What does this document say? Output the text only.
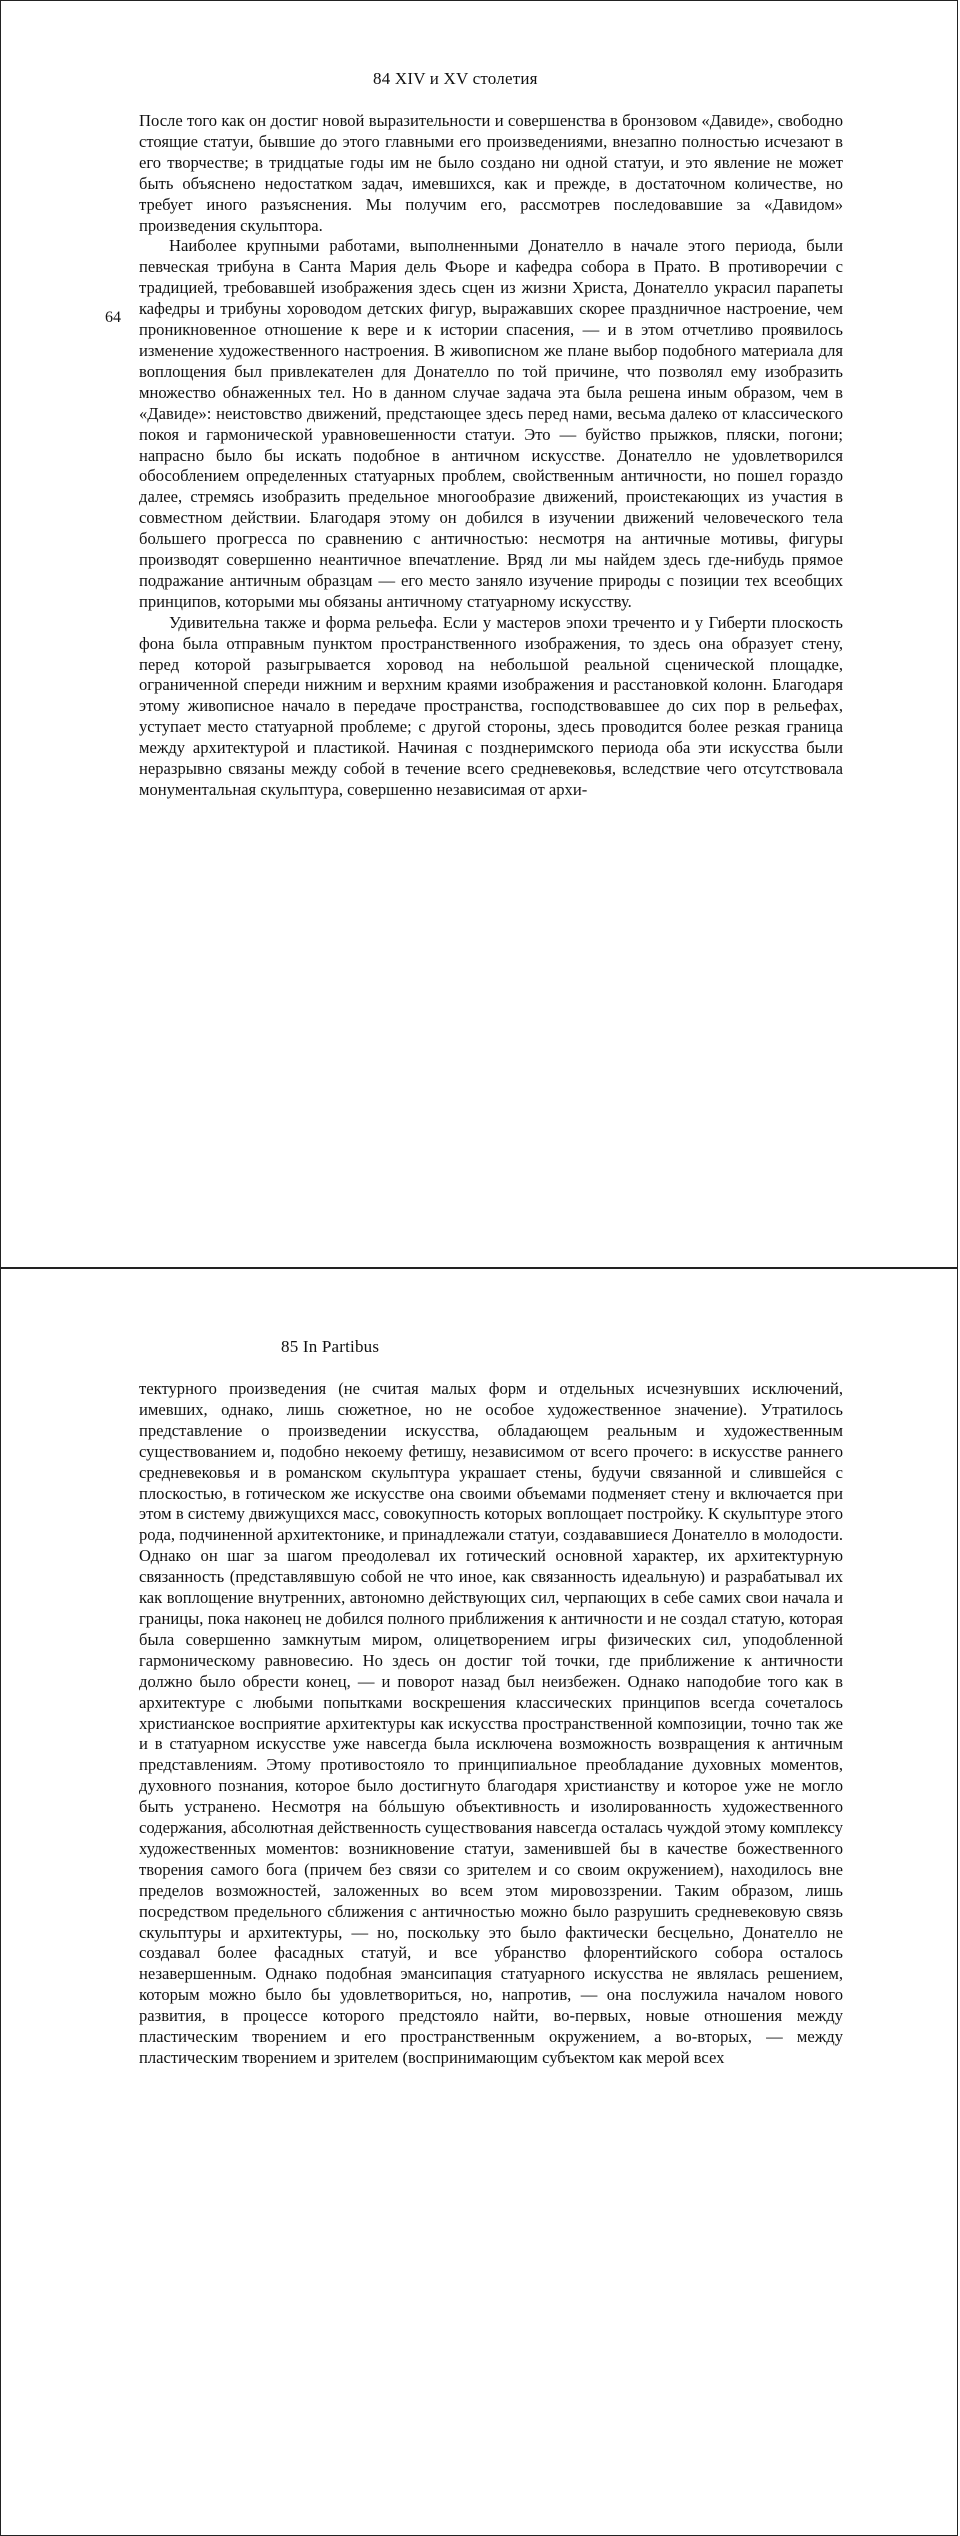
84 XIV и XV столетия
64

После того как он достиг новой выразительности и совершенства в бронзовом «Давиде», свободно стоящие статуи, бывшие до этого главными его произведениями, внезапно полностью исчезают в его творчестве; в тридцатые годы им не было создано ни одной статуи, и это явление не может быть объяснено недостатком задач, имевшихся, как и прежде, в достаточном количестве, но требует иного разъяснения. Мы получим его, рассмотрев последовавшие за «Давидом» произведения скульптора.

Наиболее крупными работами, выполненными Донателло в начале этого периода, были певческая трибуна в Санта Мария дель Фьоре и кафедра собора в Прато. В противоречии с традицией, требовавшей изображения здесь сцен из жизни Христа, Донателло украсил парапеты кафедры и трибуны хороводом детских фигур, выражавших скорее праздничное настроение, чем проникновенное отношение к вере и к истории спасения, — и в этом отчетливо проявилось изменение художественного настроения. В живописном же плане выбор подобного материала для воплощения был привлекателен для Донателло по той причине, что позволял ему изобразить множество обнаженных тел. Но в данном случае задача эта была решена иным образом, чем в «Давиде»: неистовство движений, предстающее здесь перед нами, весьма далеко от классического покоя и гармонической уравновешенности статуи. Это — буйство прыжков, пляски, погони; напрасно было бы искать подобное в античном искусстве. Донателло не удовлетворился обособлением определенных статуарных проблем, свойственным античности, но пошел гораздо далее, стремясь изобразить предельное многообразие движений, проистекающих из участия в совместном действии. Благодаря этому он добился в изучении движений человеческого тела большего прогресса по сравнению с античностью: несмотря на античные мотивы, фигуры производят совершенно неантичное впечатление. Вряд ли мы найдем здесь где-нибудь прямое подражание античным образцам — его место заняло изучение природы с позиции тех всеобщих принципов, которыми мы обязаны античному статуарному искусству.

Удивительна также и форма рельефа. Если у мастеров эпохи треченто и у Гиберти плоскость фона была отправным пунктом пространственного изображения, то здесь она образует стену, перед которой разыгрывается хоровод на небольшой реальной сценической площадке, ограниченной спереди нижним и верхним краями изображения и расстановкой колонн. Благодаря этому живописное начало в передаче пространства, господствовавшее до сих пор в рельефах, уступает место статуарной проблеме; с другой стороны, здесь проводится более резкая граница между архитектурой и пластикой. Начиная с позднеримского периода оба эти искусства были неразрывно связаны между собой в течение всего средневековья, вследствие чего отсутствовала монументальная скульптура, совершенно независимая от архи-

85 In Partibus

тектурного произведения (не считая малых форм и отдельных исчезнувших исключений, имевших, однако, лишь сюжетное, но не особое художественное значение). Утратилось представление о произведении искусства, обладающем реальным и художественным существованием и, подобно некоему фетишу, независимом от всего прочего: в искусстве раннего средневековья и в романском скульптура украшает стены, будучи связанной и слившейся с плоскостью, в готическом же искусстве она своими объемами подменяет стену и включается при этом в систему движущихся масс, совокупность которых воплощает постройку. К скульптуре этого рода, подчиненной архитектонике, и принадлежали статуи, создававшиеся Донателло в молодости. Однако он шаг за шагом преодолевал их готический основной характер, их архитектурную связанность (представлявшую собой не что иное, как связанность идеальную) и разрабатывал их как воплощение внутренних, автономно действующих сил, черпающих в себе самих свои начала и границы, пока наконец не добился полного приближения к античности и не создал статую, которая была совершенно замкнутым миром, олицетворением игры физических сил, уподобленной гармоническому равновесию. Но здесь он достиг той точки, где приближение к античности должно было обрести конец, — и поворот назад был неизбежен. Однако наподобие того как в архитектуре с любыми попытками воскрешения классических принципов всегда сочеталось христианское восприятие архитектуры как искусства пространственной композиции, точно так же и в статуарном искусстве уже навсегда была исключена возможность возвращения к античным представлениям. Этому противостояло то принципиальное преобладание духовных моментов, духовного познания, которое было достигнуто благодаря христианству и которое уже не могло быть устранено. Несмотря на бóльшую объективность и изолированность художественного содержания, абсолютная действенность существования навсегда осталась чуждой этому комплексу художественных моментов: возникновение статуи, заменившей бы в качестве божественного творения самого бога (причем без связи со зрителем и со своим окружением), находилось вне пределов возможностей, заложенных во всем этом мировоззрении. Таким образом, лишь посредством предельного сближения с античностью можно было разрушить средневековую связь скульптуры и архитектуры, — но, поскольку это было фактически бесцельно, Донателло не создавал более фасадных статуй, и все убранство флорентийского собора осталось незавершенным. Однако подобная эмансипация статуарного искусства не являлась решением, которым можно было бы удовлетвориться, но, напротив, — она послужила началом нового развития, в процессе которого предстояло найти, во-первых, новые отношения между пластическим творением и его пространственным окружением, а во-вторых, — между пластическим творением и зрителем (воспринимающим субъектом как мерой всех
